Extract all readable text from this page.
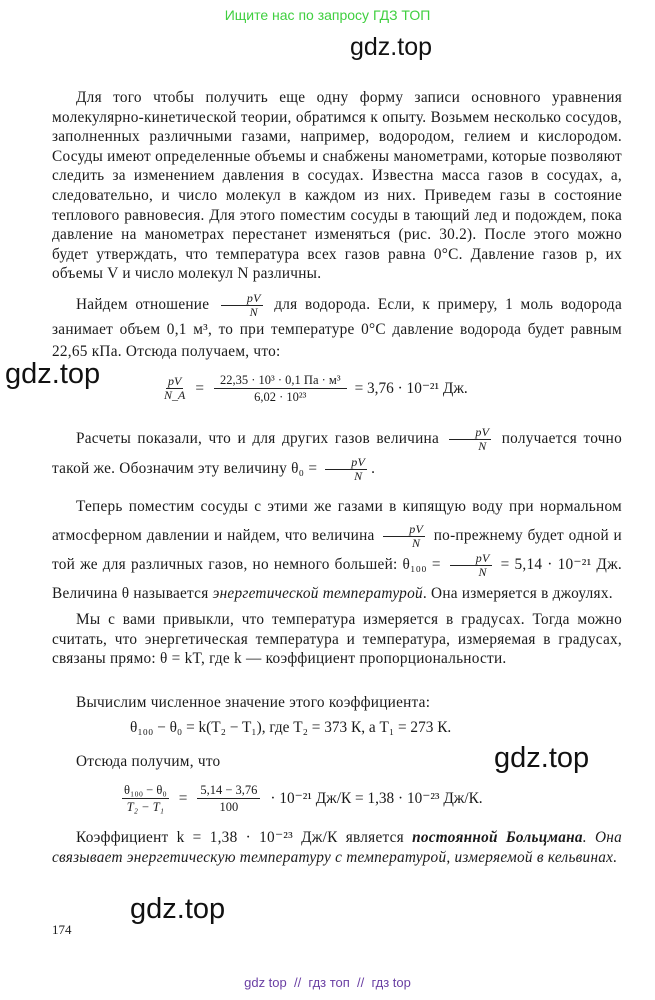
Ищите нас по запросу ГДЗ ТОП
gdz.top
Для того чтобы получить еще одну форму записи основного уравнения молекулярно-кинетической теории, обратимся к опыту. Возьмем несколько сосудов, заполненных различными газами, например, водородом, гелием и кислородом. Сосуды имеют определенные объемы и снабжены манометрами, которые позволяют следить за изменением давления в сосудах. Известна масса газов в сосудах, а, следовательно, и число молекул в каждом из них. Приведем газы в состояние теплового равновесия. Для этого поместим сосуды в тающий лед и подождем, пока давление на манометрах перестанет изменяться (рис. 30.2). После этого можно будет утверждать, что температура всех газов равна 0°С. Давление газов p, их объемы V и число молекул N различны.
Найдем отношение $\frac{pV}{N}$ для водорода. Если, к примеру, 1 моль водорода занимает объем 0,1 м³, то при температуре 0°С давление водорода будет равным 22,65 кПа. Отсюда получаем, что:
gdz.top	$\frac{pV}{N\_A} = \frac{\text{22,35 · 10³ · 0,1 Па · м³}}{\text{6,02 · 10²³}} = 3,76 \cdot 10^{-21}$ Дж.
Расчеты показали, что и для других газов величина $\frac{pV}{N}$ получается точно такой же. Обозначим эту величину $\theta_0 = \frac{pV}{N}$ .
Теперь поместим сосуды с этими же газами в кипящую воду при нормальном атмосферном давлении и найдем, что величина $\frac{pV}{N}$ по-прежнему будет одной и той же для различных газов, но немного большей: $\theta_{100} = \frac{pV}{N} = 5,14 \cdot 10^{-21}$ Дж. Величина θ называется энергетической температурой. Она измеряется в джоулях.
Мы с вами привыкли, что температура измеряется в градусах. Тогда можно считать, что энергетическая температура и температура, измеряемая в градусах, связаны прямо: θ = kT, где k — коэффициент пропорциональности.
Вычислим численное значение этого коэффициента:
θ₁₀₀ − θ₀ = k(T₂ − T₁), где T₂ = 373 К, а T₁ = 273 К.
Отсюда получим, что	gdz.top
$\frac{\text{θ₁₀₀ − θ₀}}{\text{T₂ − T₁}} = \frac{5,14 - 3,76}{100} \cdot 10^{-21}$ Дж/К = 1,38 · 10⁻²³ Дж/К.
Коэффициент k = 1,38 · 10⁻²³ Дж/К является постоянной Больцмана. Она связывает энергетическую температуру с температурой, измеряемой в кельвинах.
gdz.top
174
gdz top  //  гдз топ  //  гдз top
